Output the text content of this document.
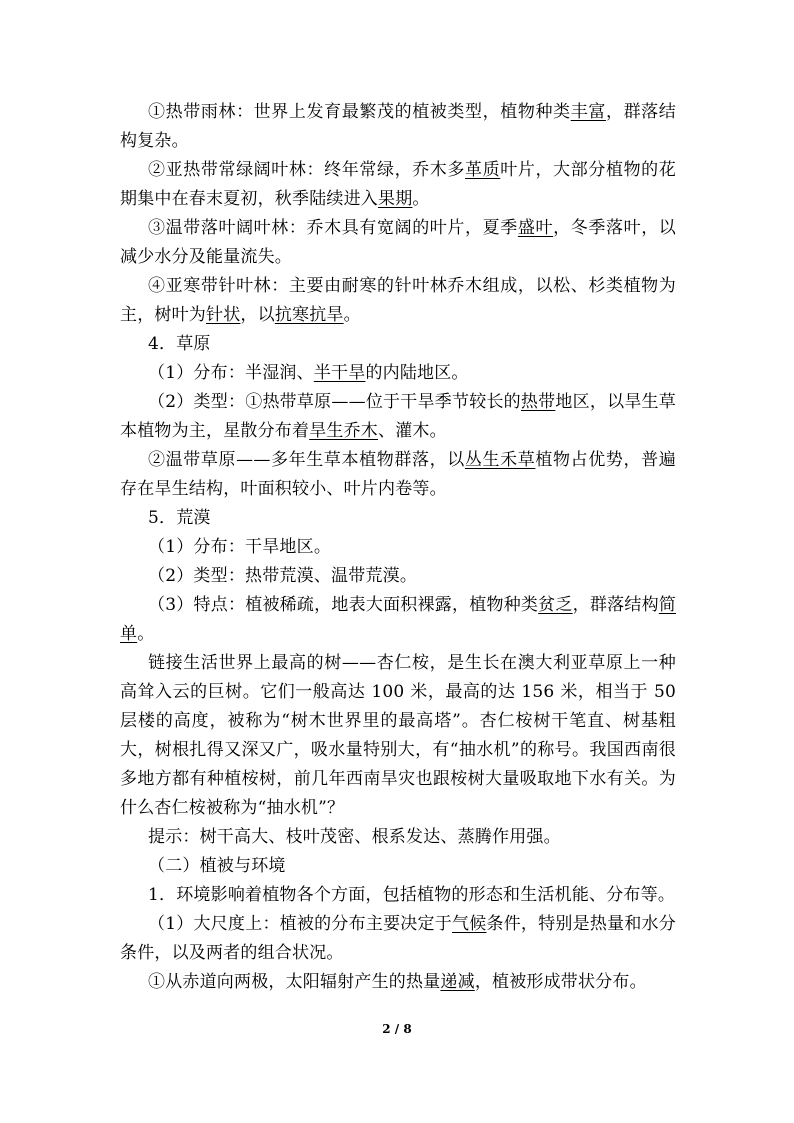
①热带雨林：世界上发育最繁茂的植被类型，植物种类丰富，群落结构复杂。

②亚热带常绿阔叶林：终年常绿，乔木多革质叶片，大部分植物的花期集中在春末夏初，秋季陆续进入果期。

③温带落叶阔叶林：乔木具有宽阔的叶片，夏季盛叶，冬季落叶，以减少水分及能量流失。

④亚寒带针叶林：主要由耐寒的针叶林乔木组成，以松、杉类植物为主，树叶为针状，以抗寒抗旱。

4．草原

（1）分布：半湿润、半干旱的内陆地区。

（2）类型：①热带草原——位于干旱季节较长的热带地区，以旱生草本植物为主，星散分布着旱生乔木、灌木。

②温带草原——多年生草本植物群落，以丛生禾草植物占优势，普遍存在旱生结构，叶面积较小、叶片内卷等。

5．荒漠

（1）分布：干旱地区。

（2）类型：热带荒漠、温带荒漠。

（3）特点：植被稀疏，地表大面积裸露，植物种类贫乏，群落结构简单。

链接生活世界上最高的树——杏仁桉，是生长在澳大利亚草原上一种高耸入云的巨树。它们一般高达 100 米，最高的达 156 米，相当于 50 层楼的高度，被称为“树木世界里的最高塔”。杏仁桉树干笔直、树基粗大，树根扎得又深又广，吸水量特别大，有“抽水机”的称号。我国西南很多地方都有种植桉树，前几年西南旱灾也跟桉树大量吸取地下水有关。为什么杏仁桉被称为“抽水机”？

提示：树干高大、枝叶茂密、根系发达、蒸腾作用强。

（二）植被与环境

1．环境影响着植物各个方面，包括植物的形态和生活机能、分布等。

（1）大尺度上：植被的分布主要决定于气候条件，特别是热量和水分条件，以及两者的组合状况。

①从赤道向两极，太阳辐射产生的热量递减，植被形成带状分布。

2 / 8
